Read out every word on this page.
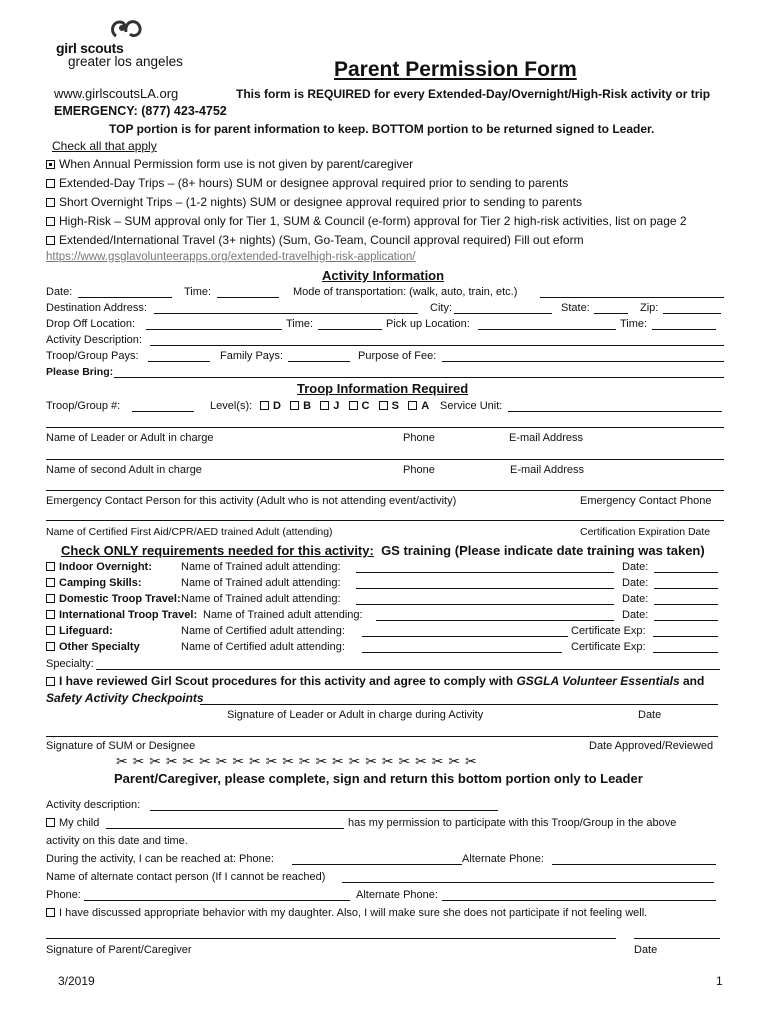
girl scouts
greater los angeles
www.girlscoutsLA.org
EMERGENCY: (877) 423-4752
Parent Permission Form
This form is REQUIRED for every Extended-Day/Overnight/High-Risk activity or trip
TOP portion is for parent information to keep. BOTTOM portion to be returned signed to Leader.
Check all that apply
When Annual Permission form use is not given by parent/caregiver
Extended-Day Trips – (8+ hours) SUM or designee approval required prior to sending to parents
Short Overnight Trips – (1-2 nights) SUM or designee approval required prior to sending to parents
High-Risk – SUM approval only for Tier 1, SUM & Council (e-form) approval for Tier 2 high-risk activities, list on page 2
Extended/International Travel (3+ nights) (Sum, Go-Team, Council approval required) Fill out eform
https://www.gsglavolunteerapps.org/extended-travelhigh-risk-application/
Activity Information
Date:	Time:	Mode of transportation: (walk, auto, train, etc.)
Destination Address:	City:	State:	Zip:
Drop Off Location:	Time:	Pick up Location:	Time:
Activity Description:
Troop/Group Pays:	Family Pays:	Purpose of Fee:
Please Bring:
Troop Information Required
Troop/Group #:	Level(s):	D B J C S A Service Unit:
Name of Leader or Adult in charge	Phone	E-mail Address
Name of second Adult in charge	Phone	E-mail Address
Emergency Contact Person for this activity (Adult who is not attending event/activity)	Emergency Contact Phone
Name of Certified First Aid/CPR/AED trained Adult (attending)	Certification Expiration Date
Check ONLY requirements needed for this activity: GS training (Please indicate date training was taken)
Indoor Overnight:	Name of Trained adult attending:	Date:
Camping Skills:	Name of Trained adult attending:	Date:
Domestic Troop Travel: Name of Trained adult attending:	Date:
International Troop Travel: Name of Trained adult attending:	Date:
Lifeguard:	Name of Certified adult attending:	Certificate Exp:
Other Specialty	Name of Certified adult attending:	Certificate Exp:
Specialty:
I have reviewed Girl Scout procedures for this activity and agree to comply with GSGLA Volunteer Essentials and
Safety Activity Checkpoints
Signature of Leader or Adult in charge during Activity	Date
Signature of SUM or Designee	Date Approved/Reviewed
✂ ✂ ✂ ✂ ✂ ✂ ✂ ✂ ✂ ✂ ✂ ✂ ✂ ✂ ✂ ✂ ✂ ✂ ✂ ✂ ✂ ✂
Parent/Caregiver, please complete, sign and return this bottom portion only to Leader
Activity description:
My child	has my permission to participate with this Troop/Group in the above
activity on this date and time.
During the activity, I can be reached at: Phone:	Alternate Phone:
Name of alternate contact person (If I cannot be reached)
Phone:	Alternate Phone:
I have discussed appropriate behavior with my daughter. Also, I will make sure she does not participate if not feeling well.
Signature of Parent/Caregiver	Date
3/2019	1
